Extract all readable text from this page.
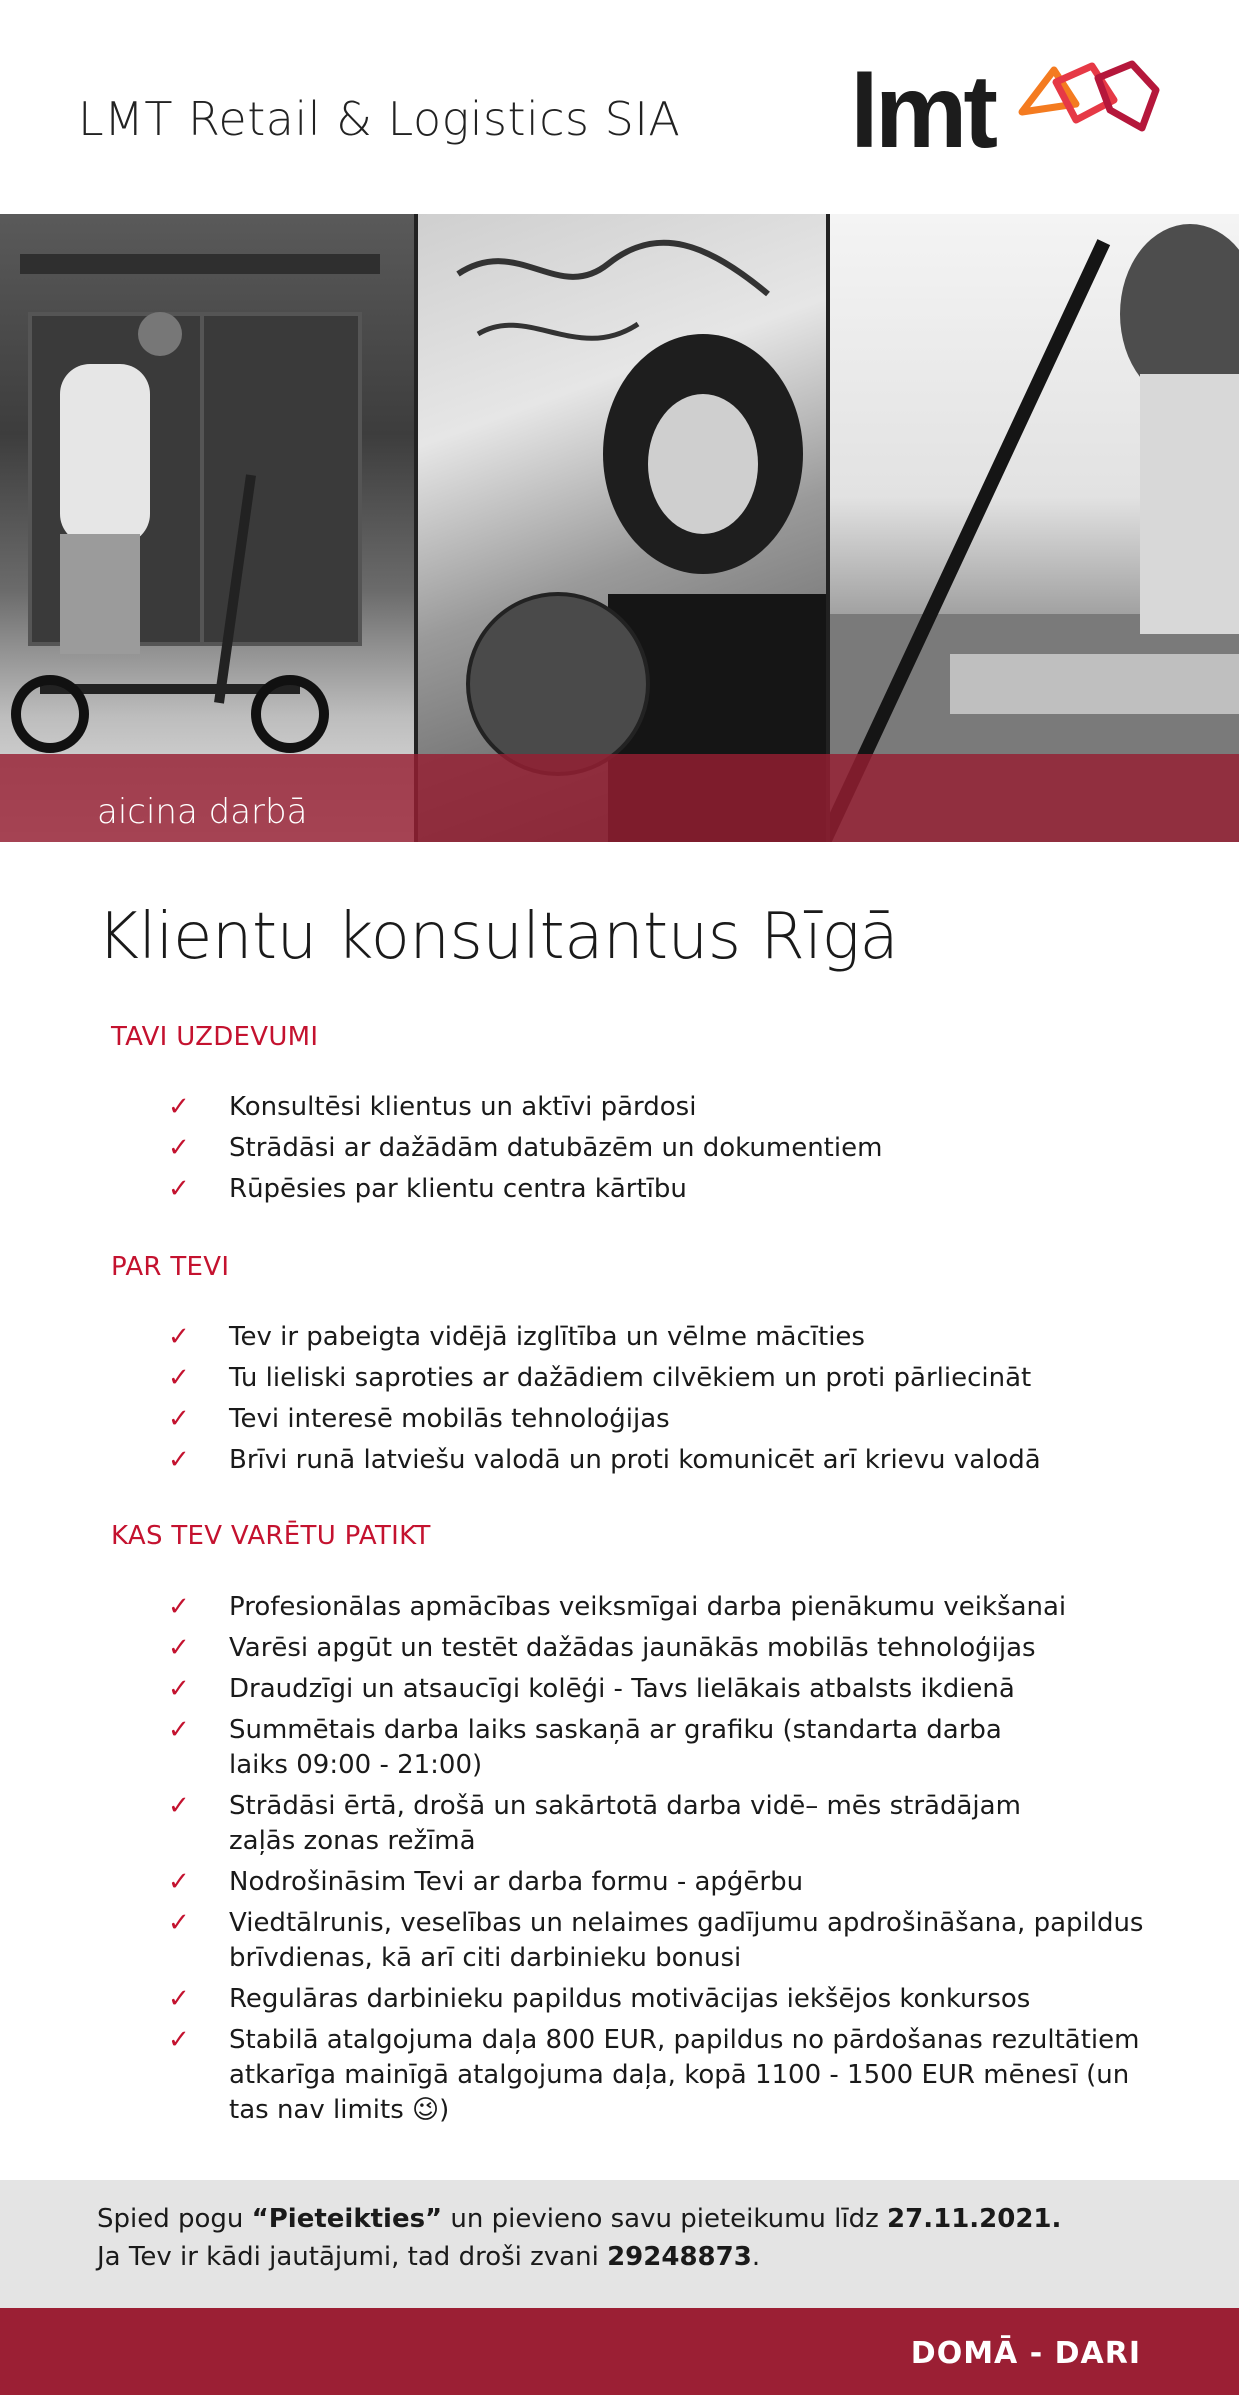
LMT Retail & Logistics SIA lmt
aicina darbā
Klientu konsultantus Rīgā
TAVI UZDEVUMI
✓ Konsultēsi klientus un aktīvi pārdosi
✓ Strādāsi ar dažādām datubāzēm un dokumentiem
✓ Rūpēsies par klientu centra kārtību
PAR TEVI
✓ Tev ir pabeigta vidējā izglītība un vēlme mācīties
✓ Tu lieliski saproties ar dažādiem cilvēkiem un proti pārliecināt
✓ Tevi interesē mobilās tehnoloģijas
✓ Brīvi runā latviešu valodā un proti komunicēt arī krievu valodā
KAS TEV VARĒTU PATIKT
✓ Profesionālas apmācības veiksmīgai darba pienākumu veikšanai
✓ Varēsi apgūt un testēt dažādas jaunākās mobilās tehnoloģijas
✓ Draudzīgi un atsaucīgi kolēģi - Tavs lielākais atbalsts ikdienā
✓ Summētais darba laiks saskaņā ar grafiku (standarta darba laiks 09:00 - 21:00)
✓ Strādāsi ērtā, drošā un sakārtotā darba vidē– mēs strādājam zaļās zonas režīmā
✓ Nodrošināsim Tevi ar darba formu - apģērbu
✓ Viedtālrunis, veselības un nelaimes gadījumu apdrošināšana, papildus brīvdienas, kā arī citi darbinieku bonusi
✓ Regulāras darbinieku papildus motivācijas iekšējos konkursos
✓ Stabilā atalgojuma daļa 800 EUR, papildus no pārdošanas rezultātiem atkarīga mainīgā atalgojuma daļa, kopā 1100 - 1500 EUR mēnesī (un tas nav limits 😉)
Spied pogu “Pieteikties” un pievieno savu pieteikumu līdz 27.11.2021.
Ja Tev ir kādi jautājumi, tad droši zvani 29248873.
DOMĀ - DARI
